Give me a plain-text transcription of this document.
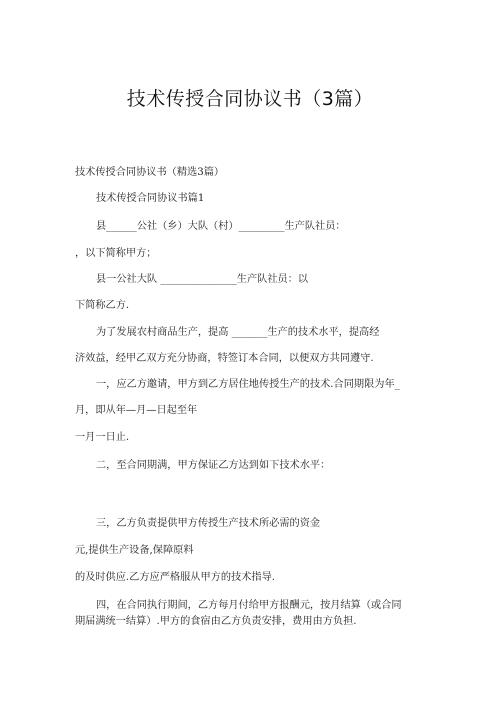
技术传授合同协议书（3篇）
技术传授合同协议书（精选3篇）
技术传授合同协议书篇1
县______公社（乡）大队（村）_________生产队社员：
，以下简称甲方；
县一公社大队 _______________生产队社员：以
下简称乙方.
为了发展农村商品生产，提高 _______生产的技术水平，提高经
济效益，经甲乙双方充分协商，特签订本合同，以便双方共同遵守.
一，应乙方邀请，甲方到乙方居住地传授生产的技术.合同期限为年_
月，即从年—月—日起至年
一月一日止.
二，至合同期满，甲方保证乙方达到如下技术水平：
三，乙方负责提供甲方传授生产技术所必需的资金
元,提供生产设备,保障原料
的及时供应.乙方应严格服从甲方的技术指导.
四，在合同执行期间，乙方每月付给甲方报酬元，按月结算（或合同
期届满统一结算）.甲方的食宿由乙方负责安排，费用由方负担.
